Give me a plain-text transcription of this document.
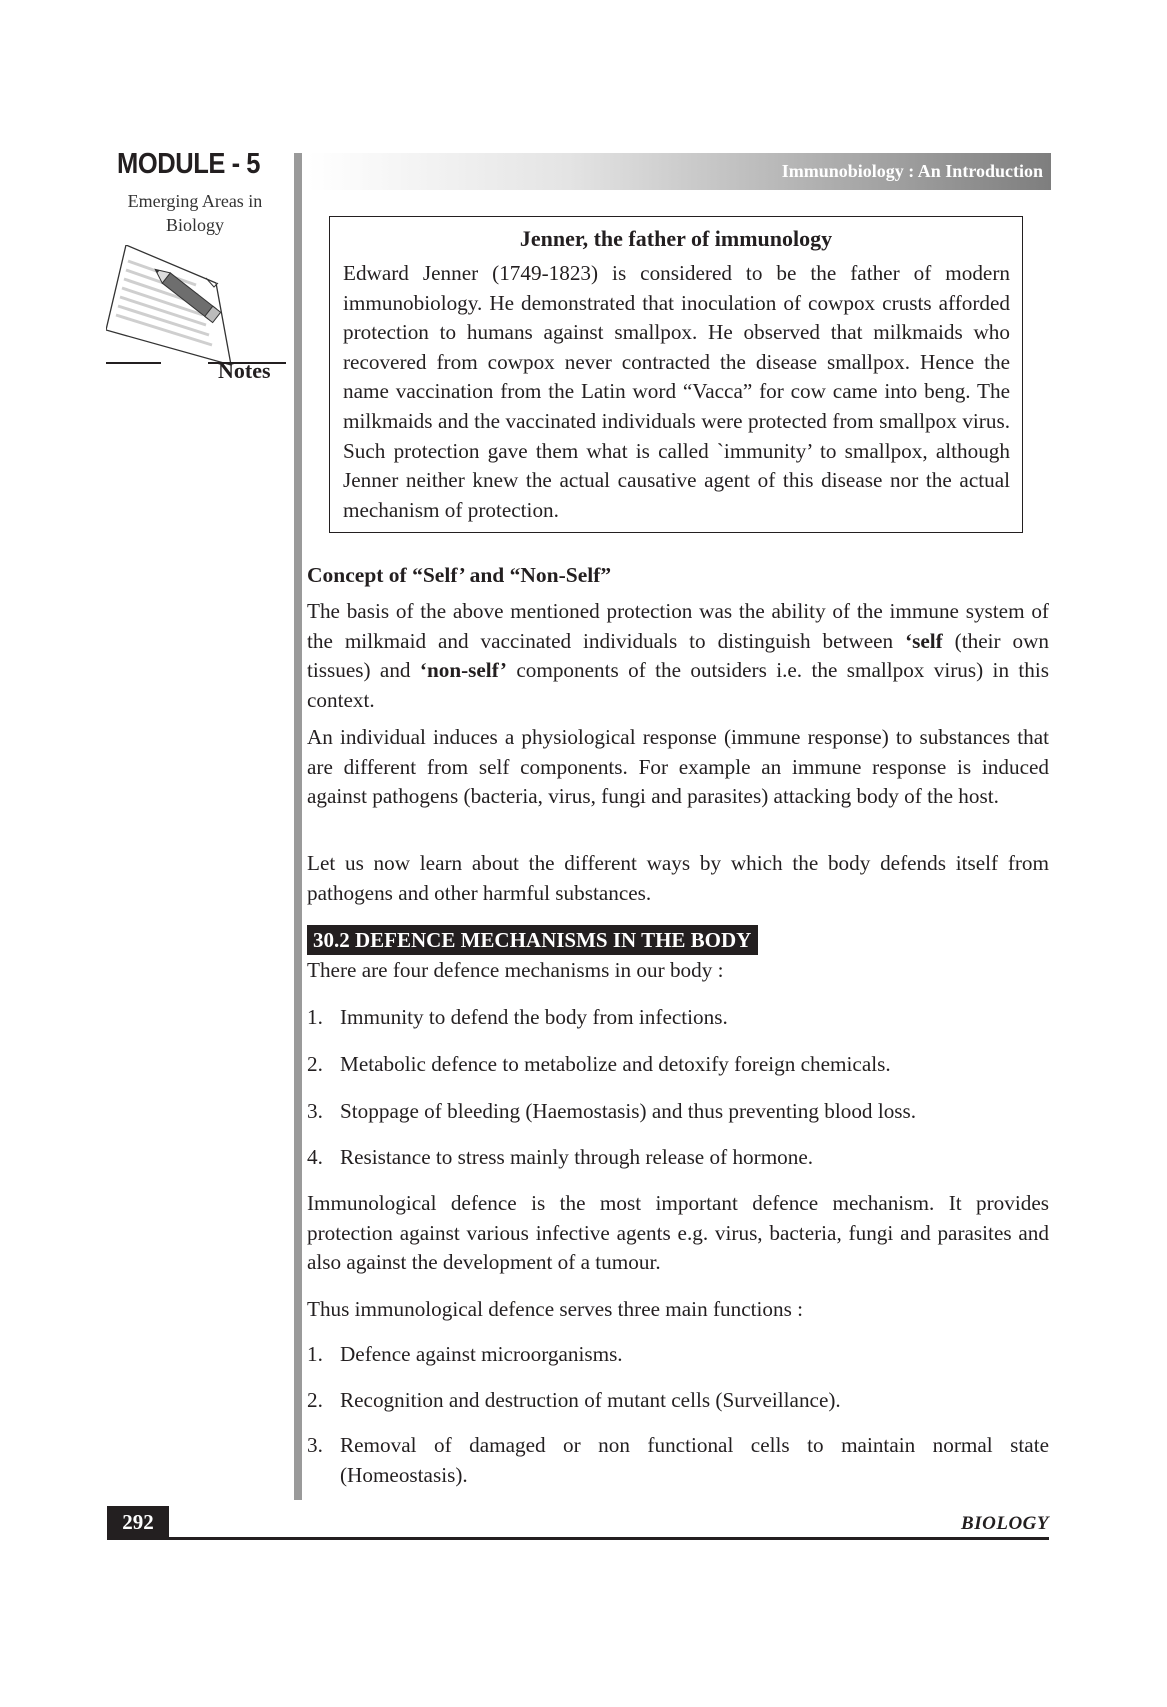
MODULE - 5
Emerging Areas in
Biology
Notes
Immunobiology : An Introduction
Jenner, the father of immunology
Edward Jenner (1749-1823) is considered to be the father of modern immunobiology. He demonstrated that inoculation of cowpox crusts afforded protection to humans against smallpox. He observed that milkmaids who recovered from cowpox never contracted the disease smallpox. Hence the name vaccination from the Latin word “Vacca” for cow came into beng. The milkmaids and the vaccinated individuals were protected from smallpox virus. Such protection gave them what is called `immunity’ to smallpox, although Jenner neither knew the actual causative agent of this disease nor the actual mechanism of protection.
Concept of “Self’ and “Non-Self”
The basis of the above mentioned protection was the ability of the immune system of the milkmaid and vaccinated individuals to distinguish between ‘self (their own tissues) and ‘non-self’ components of the outsiders i.e. the smallpox virus) in this context.
An individual induces a physiological response (immune response) to substances that are different from self components. For example an immune response is induced against pathogens (bacteria, virus, fungi and parasites) attacking body of the host.
Let us now learn about the different ways by which the body defends itself from pathogens and other harmful substances.
30.2 DEFENCE MECHANISMS IN THE BODY
There are four defence mechanisms in our body :
1. Immunity to defend the body from infections.
2. Metabolic defence to metabolize and detoxify foreign chemicals.
3. Stoppage of bleeding (Haemostasis) and thus preventing blood loss.
4. Resistance to stress mainly through release of hormone.
Immunological defence is the most important defence mechanism. It provides protection against various infective agents e.g. virus, bacteria, fungi and parasites and also against the development of a tumour.
Thus immunological defence serves three main functions :
1. Defence against microorganisms.
2. Recognition and destruction of mutant cells (Surveillance).
3. Removal of damaged or non functional cells to maintain normal state (Homeostasis).
292	BIOLOGY
